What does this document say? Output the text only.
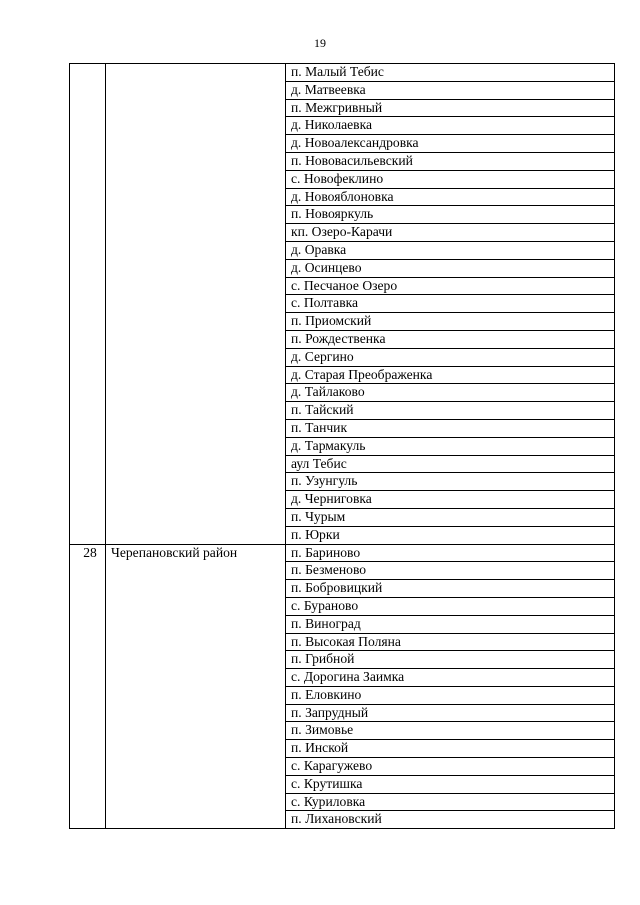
19
		п. Малый Тебис
		д. Матвеевка
		п. Межгривный
		д. Николаевка
		д. Новоалександровка
		п. Нововасильевский
		с. Новофеклино
		д. Новояблоновка
		п. Новояркуль
		кп. Озеро-Карачи
		д. Оравка
		д. Осинцево
		с. Песчаное Озеро
		с. Полтавка
		п. Приомский
		п. Рождественка
		д. Сергино
		д. Старая Преображенка
		д. Тайлаково
		п. Тайский
		п. Танчик
		д. Тармакуль
		аул Тебис
		п. Узунгуль
		д. Черниговка
		п. Чурым
		п. Юрки
28	Черепановский район	п. Бариново
		п. Безменово
		п. Бобровицкий
		с. Бураново
		п. Виноград
		п. Высокая Поляна
		п. Грибной
		с. Дорогина Заимка
		п. Еловкино
		п. Запрудный
		п. Зимовье
		п. Инской
		с. Карагужево
		с. Крутишка
		с. Куриловка
		п. Лихановский
